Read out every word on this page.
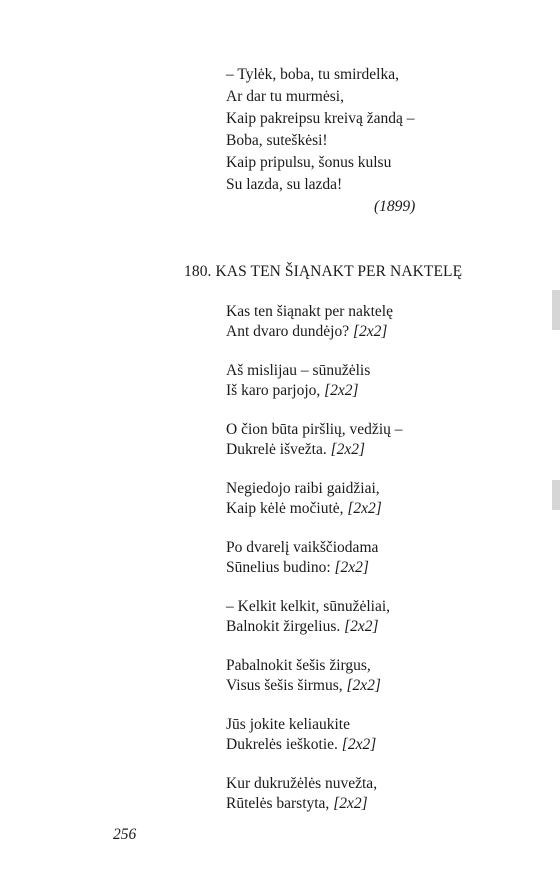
– Tylėk, boba, tu smirdelka,
Ar dar tu murmėsi,
Kaip pakreipsu kreivą žandą –
Boba, suteškėsi!
Kaip pripulsu, šonus kulsu
Su lazda, su lazda!
(1899)
180. KAS TEN ŠIĄNAKT PER NAKTELĘ
Kas ten šiąnakt per naktelę
Ant dvaro dundėjo? [2x2]
Aš mislijau – sūnužėlis
Iš karo parjojo, [2x2]
O čion būta piršlių, vedžių –
Dukrelė išvežta. [2x2]
Negiedojo raibi gaidžiai,
Kaip kėlė močiutė, [2x2]
Po dvarelį vaikščiodama
Sūnelius budino: [2x2]
– Kelkit kelkit, sūnužėliai,
Balnokit žirgelius. [2x2]
Pabalnokit šešis žirgus,
Visus šešis širmus, [2x2]
Jūs jokite keliaukite
Dukrelės ieškotie. [2x2]
Kur dukružėlės nuvežta,
Rūtelės barstyta, [2x2]
256
